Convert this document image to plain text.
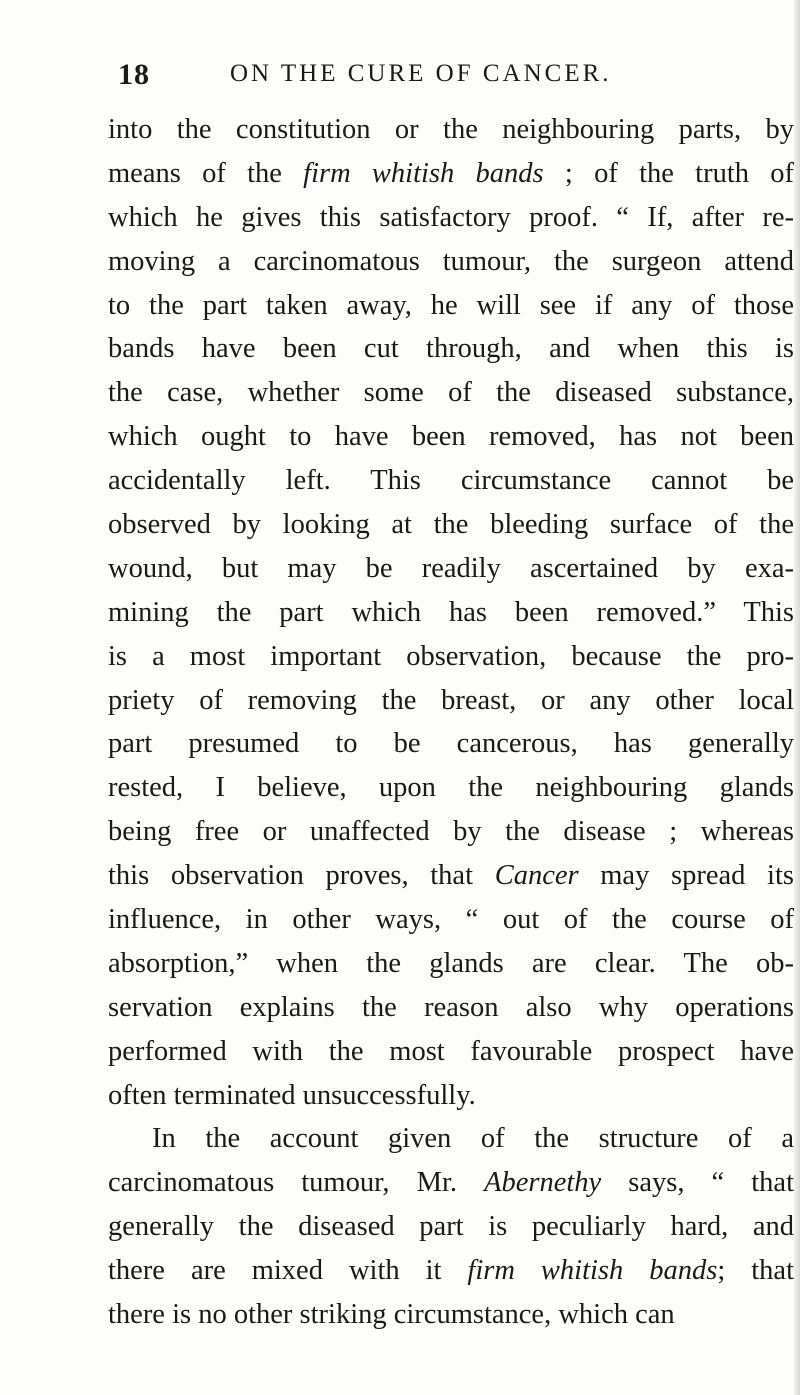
18	ON THE CURE OF CANCER.
into the constitution or the neighbouring parts, by
means of the firm whitish bands ; of the truth of
which he gives this satisfactory proof. “ If, after re-
moving a carcinomatous tumour, the surgeon attend
to the part taken away, he will see if any of those
bands have been cut through, and when this is
the case, whether some of the diseased substance,
which ought to have been removed, has not been
accidentally left. This circumstance cannot be
observed by looking at the bleeding surface of the
wound, but may be readily ascertained by exa-
mining the part which has been removed.” This
is a most important observation, because the pro-
priety of removing the breast, or any other local
part presumed to be cancerous, has generally
rested, I believe, upon the neighbouring glands
being free or unaffected by the disease ; whereas
this observation proves, that Cancer may spread its
influence, in other ways, “ out of the course of
absorption,” when the glands are clear. The ob-
servation explains the reason also why operations
performed with the most favourable prospect have
often terminated unsuccessfully.
In the account given of the structure of a
carcinomatous tumour, Mr. Abernethy says, “ that
generally the diseased part is peculiarly hard, and
there are mixed with it firm whitish bands; that
there is no other striking circumstance, which can
